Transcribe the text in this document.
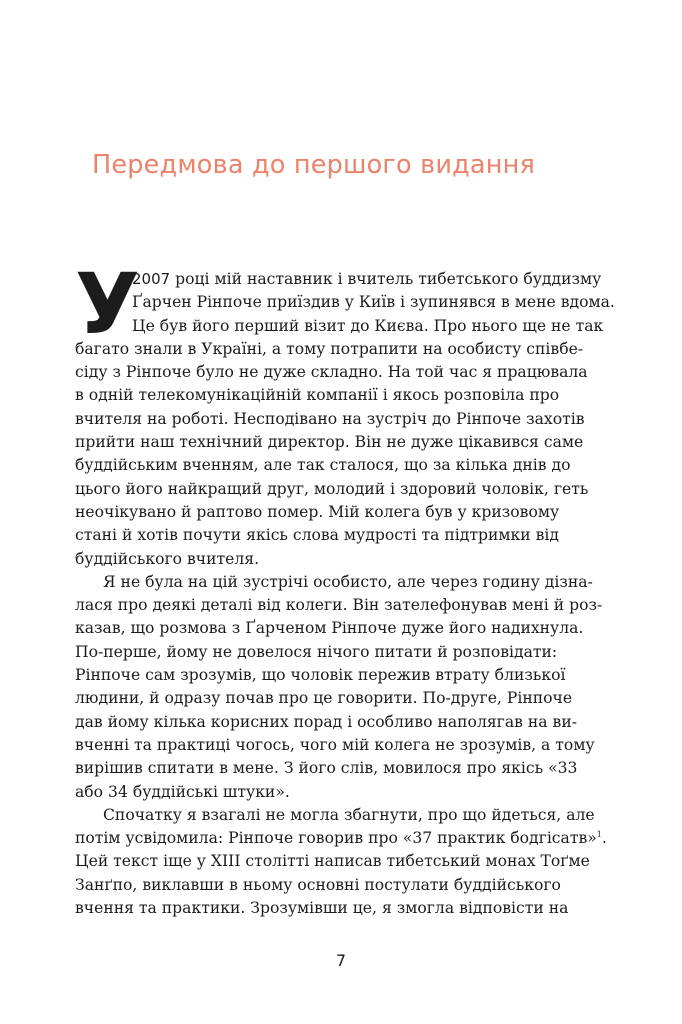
Передмова до першого видання
У
2007 році мій наставник і вчитель тибетського буддизму
Ґарчен Рінпоче приїздив у Київ і зупинявся в мене вдома.
Це був його перший візит до Києва. Про нього ще не так
багато знали в Україні, а тому потрапити на особисту співбе-
сіду з Рінпоче було не дуже складно. На той час я працювала
в одній телекомунікаційній компанії і якось розповіла про
вчителя на роботі. Несподівано на зустріч до Рінпоче захотів
прийти наш технічний директор. Він не дуже цікавився саме
буддійським вченням, але так сталося, що за кілька днів до
цього його найкращий друг, молодий і здоровий чоловік, геть
неочікувано й раптово помер. Мій колега був у кризовому
стані й хотів почути якісь слова мудрості та підтримки від
буддійського вчителя.
Я не була на цій зустрічі особисто, але через годину дізна-
лася про деякі деталі від колеги. Він зателефонував мені й роз-
казав, що розмова з Ґарченом Рінпоче дуже його надихнула.
По-перше, йому не довелося нічого питати й розповідати:
Рінпоче сам зрозумів, що чоловік пережив втрату близької
людини, й одразу почав про це говорити. По-друге, Рінпоче
дав йому кілька корисних порад і особливо наполягав на ви-
вченні та практиці чогось, чого мій колега не зрозумів, а тому
вирішив спитати в мене. З його слів, мовилося про якісь «33
або 34 буддійські штуки».
Спочатку я взагалі не могла збагнути, про що йдеться, але
потім усвідомила: Рінпоче говорив про «37 практик бодгісатв»$^1$.
Цей текст іще у XIII столітті написав тибетський монах Тоґме
Занґпо, виклавши в ньому основні постулати буддійського
вчення та практики. Зрозумівши це, я змогла відповісти на
7
